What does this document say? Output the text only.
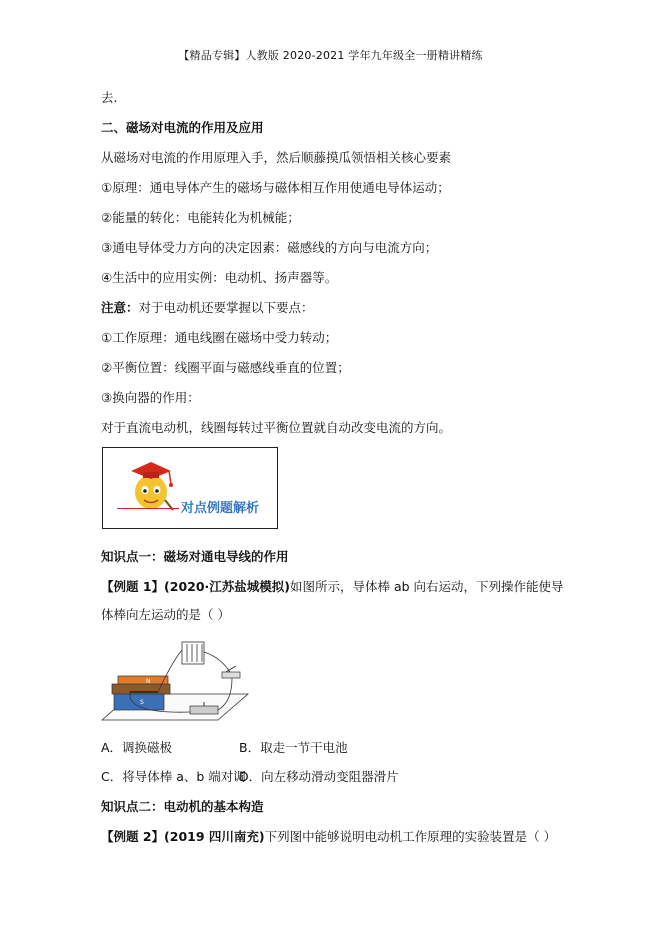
【精品专辑】人教版 2020-2021 学年九年级全一册精讲精练
去.
二、磁场对电流的作用及应用
从磁场对电流的作用原理入手，然后顺藤摸瓜领悟相关核心要素
①原理：通电导体产生的磁场与磁体相互作用使通电导体运动；
②能量的转化：电能转化为机械能；
③通电导体受力方向的决定因素：磁感线的方向与电流方向；
④生活中的应用实例：电动机、扬声器等。
注意：对于电动机还要掌握以下要点：
①工作原理：通电线圈在磁场中受力转动；
②平衡位置：线圈平面与磁感线垂直的位置；
③换向器的作用：
对于直流电动机，线圈每转过平衡位置就自动改变电流的方向。
对点例题解析
知识点一：磁场对通电导线的作用
【例题 1】(2020·江苏盐城模拟)如图所示，导体棒 ab 向右运动，下列操作能使导
体棒向左运动的是（ ）
N
S
A．调换磁极	B．取走一节干电池
C．将导体棒 a、b 端对调
D．向左移动滑动变阻器滑片
知识点二：电动机的基本构造
【例题 2】(2019 四川南充)下列图中能够说明电动机工作原理的实验装置是（ ）
